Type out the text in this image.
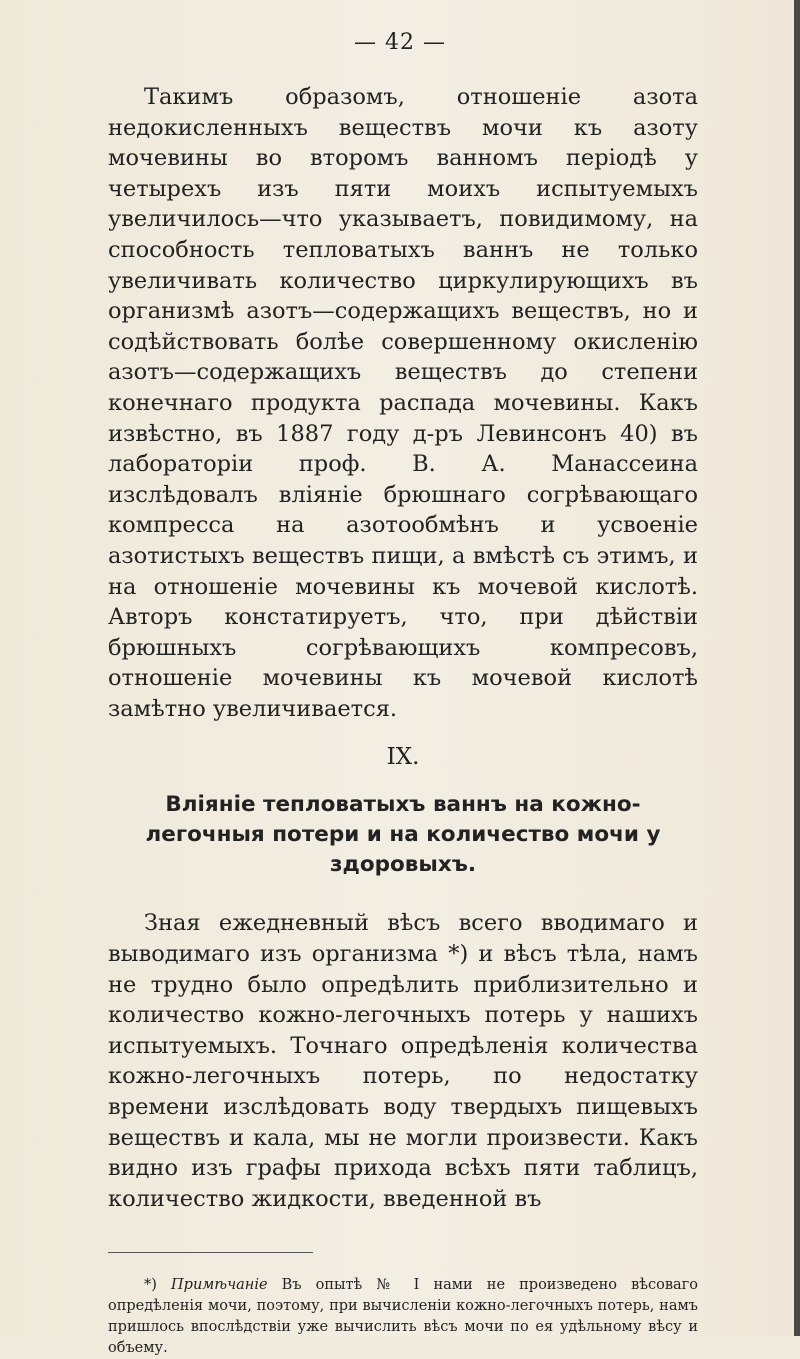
— 42 —

Такимъ образомъ, отношеніе азота недокисленныхъ веществъ мочи къ азоту мочевины во второмъ ванномъ періодѣ у четырехъ изъ пяти моихъ испытуемыхъ увеличилось—что указываетъ, повидимому, на способность тепловатыхъ ваннъ не только увеличивать количество циркулирующихъ въ организмѣ азотъ—содержащихъ веществъ, но и содѣйствовать болѣе совершенному окисленію азотъ—содержащихъ веществъ до степени конечнаго продукта распада мочевины. Какъ извѣстно, въ 1887 году д-ръ Левинсонъ 40) въ лабораторіи проф. В. А. Манассеина изслѣдовалъ вліяніе брюшнаго согрѣвающаго компресса на азотообмѣнъ и усвоеніе азотистыхъ веществъ пищи, а вмѣстѣ съ этимъ, и на отношеніе мочевины къ мочевой кислотѣ. Авторъ констатируетъ, что, при дѣйствіи брюшныхъ согрѣвающихъ компресовъ, отношеніе мочевины къ мочевой кислотѣ замѣтно увеличивается.

IX.
Вліяніе тепловатыхъ ваннъ на кожно-легочныя потери и на количество мочи у здоровыхъ.

Зная ежедневный вѣсъ всего вводимаго и выводимаго изъ организма *) и вѣсъ тѣла, намъ не трудно было опредѣлить приблизительно и количество кожно-легочныхъ потерь у нашихъ испытуемыхъ. Точнаго опредѣленія количества кожно-легочныхъ потерь, по недостатку времени изслѣдовать воду твердыхъ пищевыхъ веществъ и кала, мы не могли произвести. Какъ видно изъ графы прихода всѣхъ пяти таблицъ, количество жидкости, введенной въ

*) Примѣчаніе Въ опытѣ № I нами не произведено вѣсоваго опредѣленія мочи, поэтому, при вычисленіи кожно-легочныхъ потерь, намъ пришлось впослѣдствіи уже вычислить вѣсъ мочи по ея удѣльному вѣсу и объему.
